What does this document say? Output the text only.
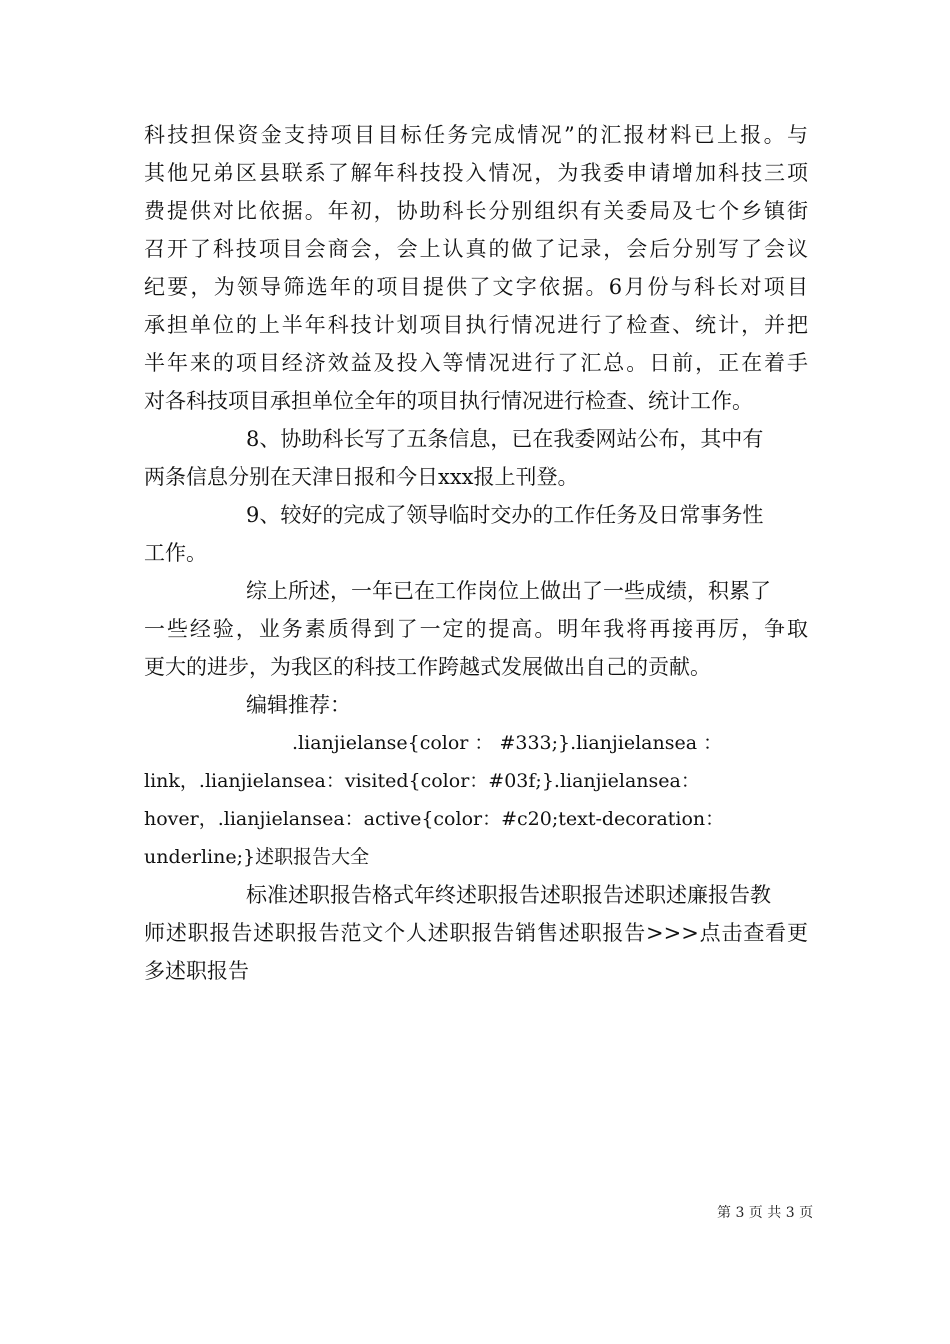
科技担保资金支持项目目标任务完成情况”的汇报材料已上报。与
其他兄弟区县联系了解年科技投入情况，为我委申请增加科技三项
费提供对比依据。年初，协助科长分别组织有关委局及七个乡镇街
召开了科技项目会商会，会上认真的做了记录，会后分别写了会议
纪要，为领导筛选年的项目提供了文字依据。6月份与科长对项目
承担单位的上半年科技计划项目执行情况进行了检查、统计，并把
半年来的项目经济效益及投入等情况进行了汇总。日前，正在着手
对各科技项目承担单位全年的项目执行情况进行检查、统计工作。
8、协助科长写了五条信息，已在我委网站公布，其中有
两条信息分别在天津日报和今日xxx报上刊登。
9、较好的完成了领导临时交办的工作任务及日常事务性
工作。
综上所述，一年已在工作岗位上做出了一些成绩，积累了
一些经验，业务素质得到了一定的提高。明年我将再接再厉，争取
更大的进步，为我区的科技工作跨越式发展做出自己的贡献。
编辑推荐：
.lianjielanse{color ： #333;}.lianjielansea ：
link，.lianjielansea：visited{color：#03f;}.lianjielansea：
hover，.lianjielansea：active{color：#c20;text-decoration：
underline;}述职报告大全
标准述职报告格式年终述职报告述职报告述职述廉报告教
师述职报告述职报告范文个人述职报告销售述职报告>>>点击查看更
多述职报告
第 3 页 共 3 页
